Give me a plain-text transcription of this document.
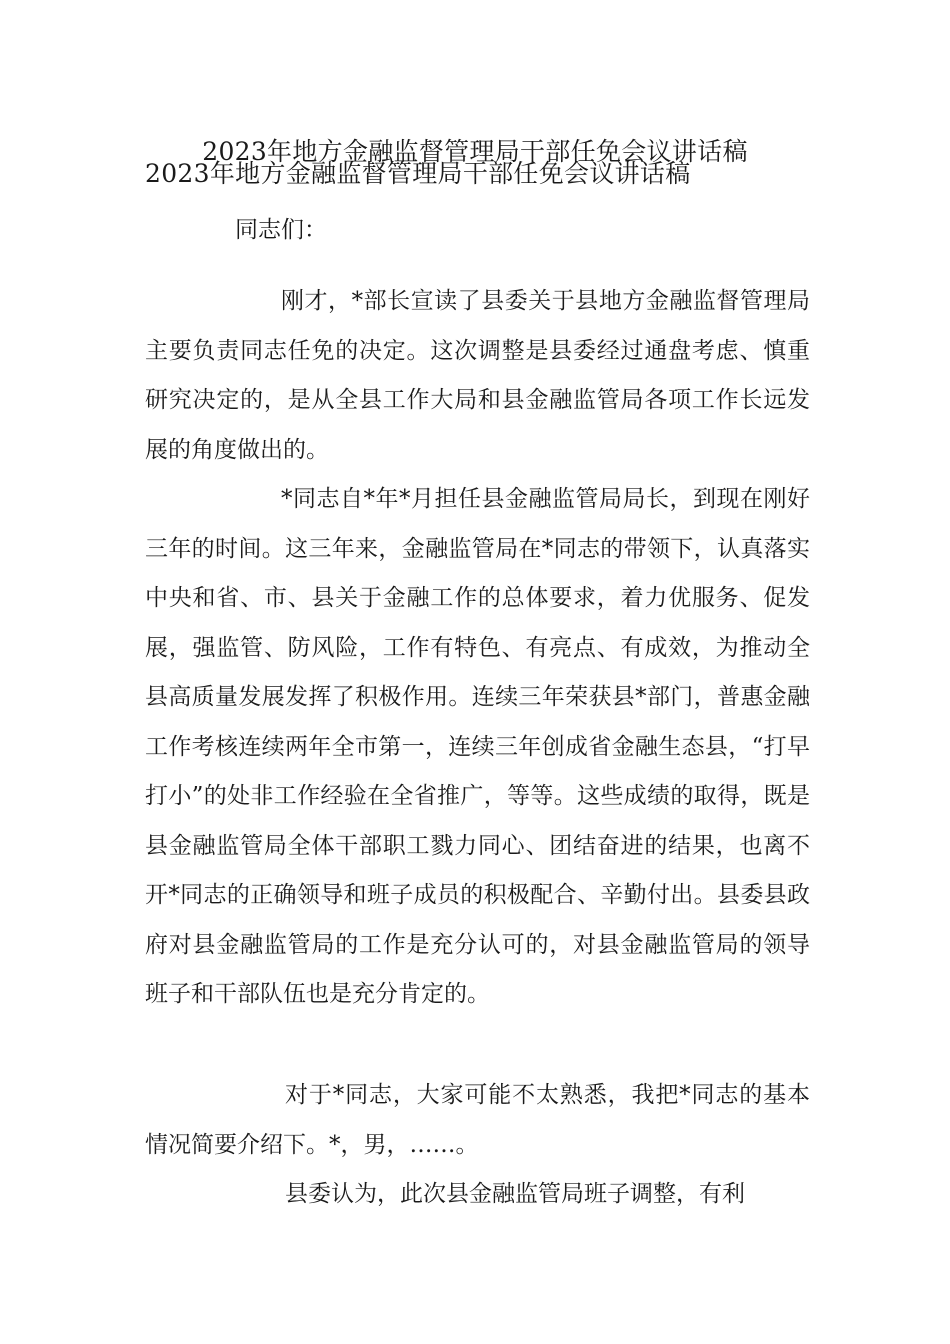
2023年地方金融监督管理局干部任免会议讲话稿
2023年地方金融监督管理局干部任免会议讲话稿
同志们：

刚才，*部长宣读了县委关于县地方金融监督管理局主要负责同志任免的决定。这次调整是县委经过通盘考虑、慎重研究决定的，是从全县工作大局和县金融监管局各项工作长远发展的角度做出的。

*同志自*年*月担任县金融监管局局长，到现在刚好三年的时间。这三年来，金融监管局在*同志的带领下，认真落实中央和省、市、县关于金融工作的总体要求，着力优服务、促发展，强监管、防风险，工作有特色、有亮点、有成效，为推动全县高质量发展发挥了积极作用。连续三年荣获县*部门，普惠金融工作考核连续两年全市第一，连续三年创成省金融生态县，“打早打小”的处非工作经验在全省推广，等等。这些成绩的取得，既是县金融监管局全体干部职工戮力同心、团结奋进的结果，也离不开*同志的正确领导和班子成员的积极配合、辛勤付出。县委县政府对县金融监管局的工作是充分认可的，对县金融监管局的领导班子和干部队伍也是充分肯定的。

对于*同志，大家可能不太熟悉，我把*同志的基本情况简要介绍下。*，男，……。

县委认为，此次县金融监管局班子调整，有利
